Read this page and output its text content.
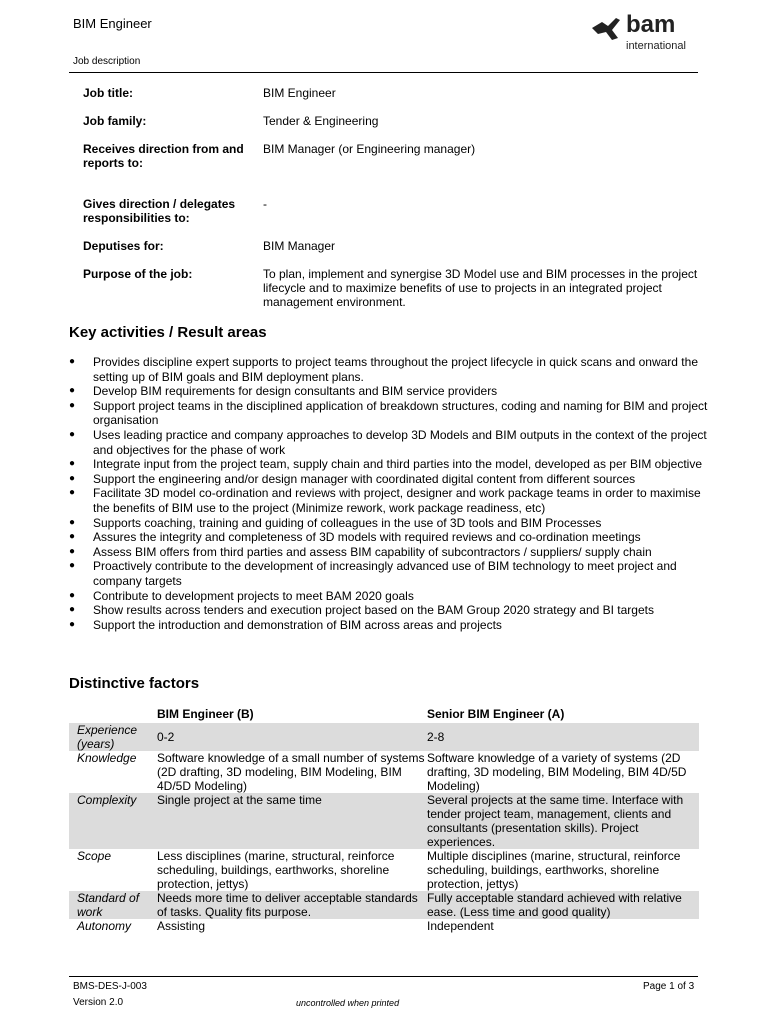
BIM Engineer
Job description
bam
international
Job title:	BIM Engineer
Job family:	Tender & Engineering
Receives direction from and reports to:
BIM Manager (or Engineering manager)
Gives direction / delegates responsibilities to:
-
Deputises for:	BIM Manager
Purpose of the job:	To plan, implement and synergise 3D Model use and BIM processes in the project lifecycle and to maximize benefits of use to projects in an integrated project management environment.
Key activities / Result areas
● Provides discipline expert supports to project teams throughout the project lifecycle in quick scans and onward the setting up of BIM goals and BIM deployment plans.
● Develop BIM requirements for design consultants and BIM service providers
● Support project teams in the disciplined application of breakdown structures, coding and naming for BIM and project organisation
● Uses leading practice and company approaches to develop 3D Models and BIM outputs in the context of the project and objectives for the phase of work
● Integrate input from the project team, supply chain and third parties into the model, developed as per BIM objective
● Support the engineering and/or design manager with coordinated digital content from different sources
● Facilitate 3D model co-ordination and reviews with project, designer and work package teams in order to maximise the benefits of BIM use to the project (Minimize rework, work package readiness, etc)
● Supports coaching, training and guiding of colleagues in the use of 3D tools and BIM Processes
● Assures the integrity and completeness of 3D models with required reviews and co-ordination meetings
● Assess BIM offers from third parties and assess BIM capability of subcontractors / suppliers/ supply chain
● Proactively contribute to the development of increasingly advanced use of BIM technology to meet project and company targets
● Contribute to development projects to meet BAM 2020 goals
● Show results across tenders and execution project based on the BAM Group 2020 strategy and BI targets
● Support the introduction and demonstration of BIM across areas and projects
Distinctive factors
	BIM Engineer (B)	Senior BIM Engineer (A)
Experience (years)	0-2	2-8
Knowledge	Software knowledge of a small number of systems (2D drafting, 3D modeling, BIM Modeling, BIM 4D/5D Modeling)	Software knowledge of a variety of systems (2D drafting, 3D modeling, BIM Modeling, BIM 4D/5D Modeling)
Complexity	Single project at the same time	Several projects at the same time. Interface with tender project team, management, clients and consultants (presentation skills). Project experiences.
Scope	Less disciplines (marine, structural, reinforce scheduling, buildings, earthworks, shoreline protection, jettys)	Multiple disciplines (marine, structural, reinforce scheduling, buildings, earthworks, shoreline protection, jettys)
Standard of work	Needs more time to deliver acceptable standards of tasks. Quality fits purpose.	Fully acceptable standard achieved with relative ease. (Less time and good quality)
Autonomy	Assisting	Independent
BMS-DES-J-003
Version 2.0	uncontrolled when printed
Page 1 of 3
